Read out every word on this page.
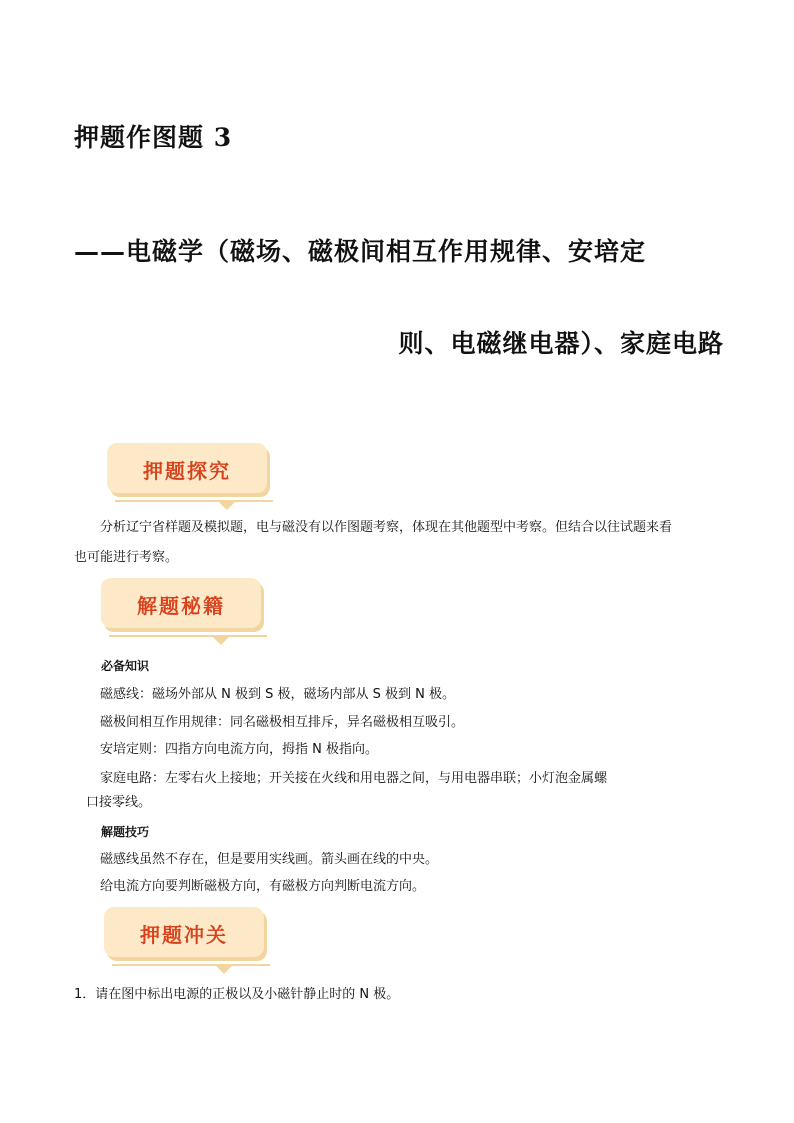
押题作图题 3
——电磁学（磁场、磁极间相互作用规律、安培定
则、电磁继电器）、家庭电路
押题探究
分析辽宁省样题及模拟题，电与磁没有以作图题考察，体现在其他题型中考察。但结合以往试题来看
也可能进行考察。
解题秘籍
必备知识
磁感线：磁场外部从 N 极到 S 极，磁场内部从 S 极到 N 极。
磁极间相互作用规律：同名磁极相互排斥，异名磁极相互吸引。
安培定则：四指方向电流方向，拇指 N 极指向。
家庭电路：左零右火上接地；开关接在火线和用电器之间，与用电器串联；小灯泡金属螺
口接零线。
解题技巧
磁感线虽然不存在，但是要用实线画。箭头画在线的中央。
给电流方向要判断磁极方向，有磁极方向判断电流方向。
押题冲关
1．请在图中标出电源的正极以及小磁针静止时的 N 极。
